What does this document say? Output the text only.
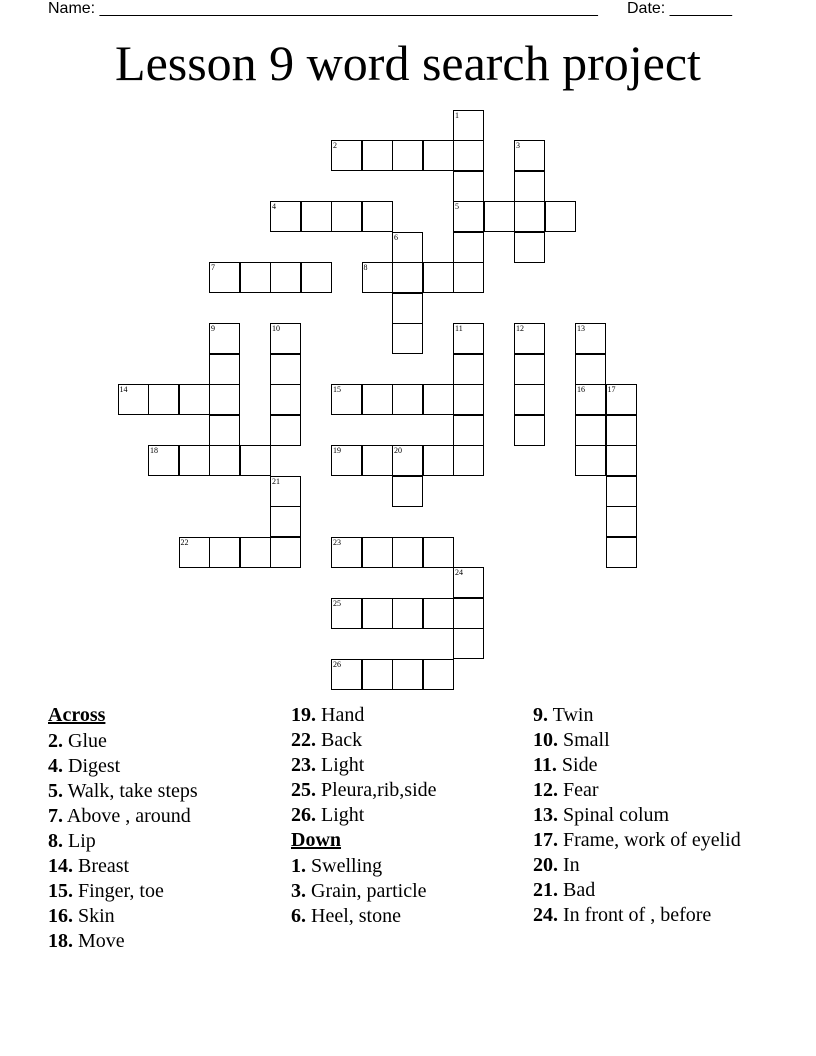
Name: ________________________________________________________ Date: _______
Lesson 9 word search project
1
5
2	3
4
6
7	8
9	10	11	12	13
16
14	15	17
18	19	20
21
22	23
24
25
26
Across
2. Glue
4. Digest
5. Walk, take steps
7. Above , around
8. Lip
14. Breast
15. Finger, toe
16. Skin
18. Move
19. Hand
22. Back
23. Light
25. Pleura,rib,side
26. Light
Down
1. Swelling
3. Grain, particle
6. Heel, stone
9. Twin
10. Small
11. Side
12. Fear
13. Spinal colum
17. Frame, work of eyelid
20. In
21. Bad
24. In front of , before
